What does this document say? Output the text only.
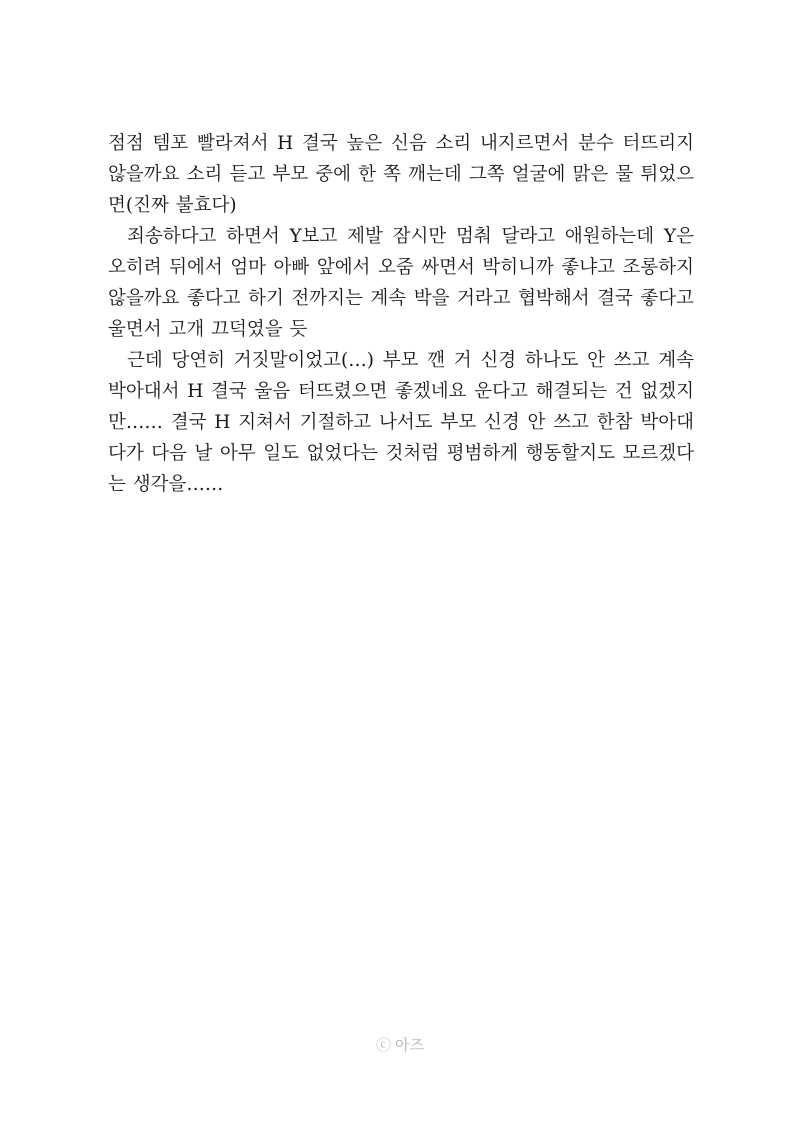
점점 템포 빨라져서 H 결국 높은 신음 소리 내지르면서 분수 터뜨리지 않을까요 소리 듣고 부모 중에 한 쪽 깨는데 그쪽 얼굴에 맑은 물 튀었으면(진짜 불효다)

죄송하다고 하면서 Y보고 제발 잠시만 멈춰 달라고 애원하는데 Y은 오히려 뒤에서 엄마 아빠 앞에서 오줌 싸면서 박히니까 좋냐고 조롱하지 않을까요 좋다고 하기 전까지는 계속 박을 거라고 협박해서 결국 좋다고 울면서 고개 끄덕였을 듯

근데 당연히 거짓말이었고(…) 부모 깬 거 신경 하나도 안 쓰고 계속 박아대서 H 결국 울음 터뜨렸으면 좋겠네요 운다고 해결되는 건 없겠지만…… 결국 H 지쳐서 기절하고 나서도 부모 신경 안 쓰고 한참 박아대다가 다음 날 아무 일도 없었다는 것처럼 평범하게 행동할지도 모르겠다는 생각을……

ⓒ 아즈
